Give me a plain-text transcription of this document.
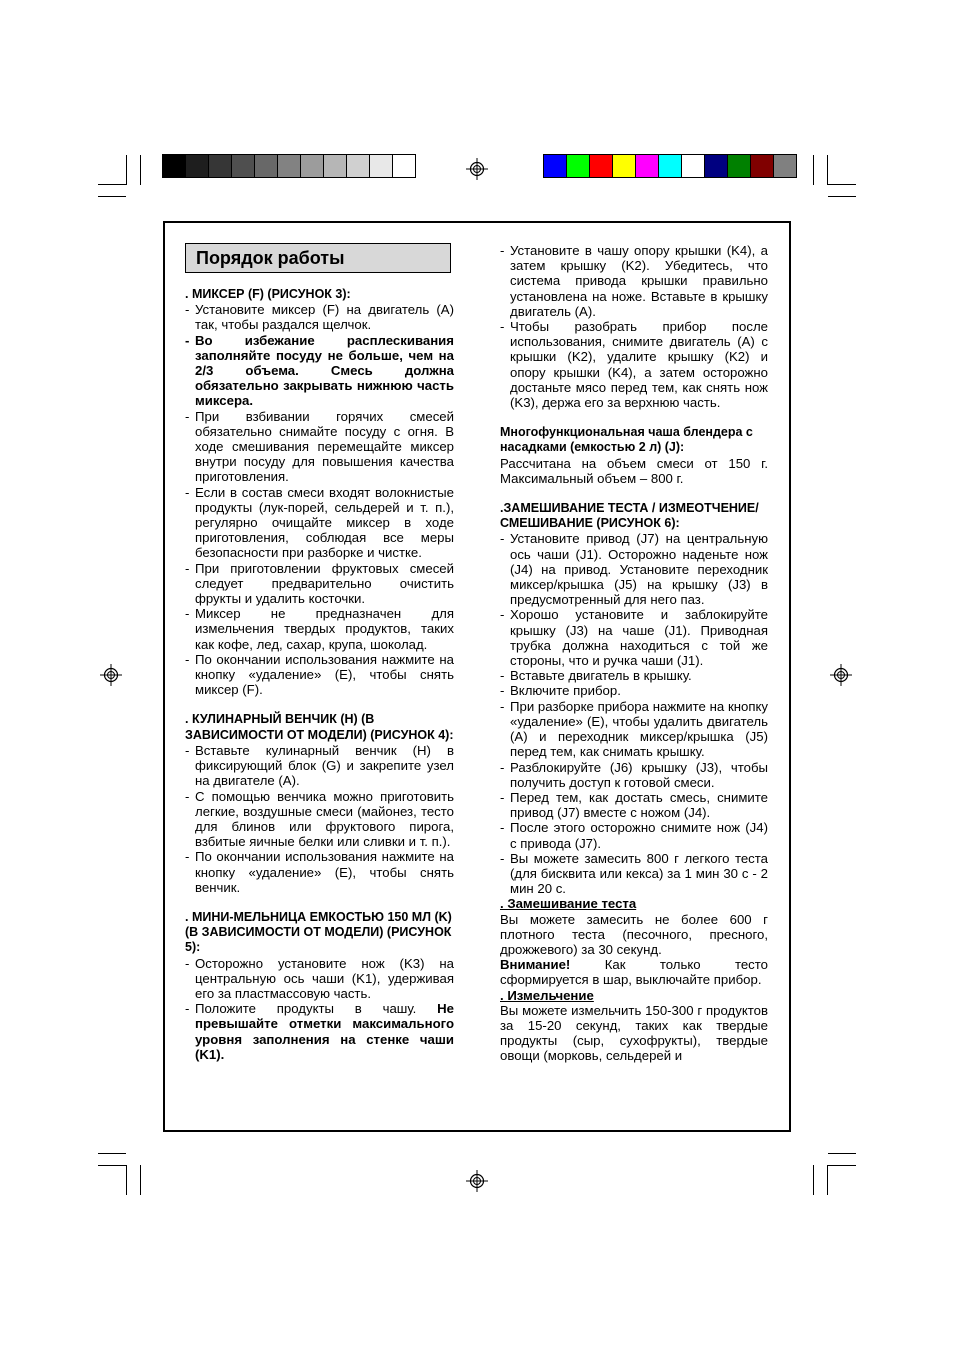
Порядок работы

. МИКСЕР (F) (РИСУНОК 3):

- Установите миксер (F) на двигатель (A) так, чтобы раздался щелчок.
- Во избежание расплескивания заполняйте посуду не больше, чем на 2/3 объема. Смесь должна обязательно закрывать нижнюю часть миксера.
- При взбивании горячих смесей обязательно снимайте посуду с огня. В ходе смешивания перемещайте миксер внутри посуду для повышения качества приготовления.
- Если в состав смеси входят волокнистые продукты (лук-порей, сельдерей и т. п.), регулярно очищайте миксер в ходе приготовления, соблюдая все меры безопасности при разборке и чистке.
- При приготовлении фруктовых смесей следует предварительно очистить фрукты и удалить косточки.
- Миксер не предназначен для измельчения твердых продуктов, таких как кофе, лед, сахар, крупа, шоколад.
- По окончании использования нажмите на кнопку «удаление» (E), чтобы снять миксер (F).

. КУЛИНАРНЫЙ ВЕНЧИК (H) (В ЗАВИСИМОСТИ ОТ МОДЕЛИ) (РИСУНОК 4):

- Вставьте кулинарный венчик (H) в фиксирующий блок (G) и закрепите узел на двигателе (A).
- С помощью венчика можно приготовить легкие, воздушные смеси (майонез, тесто для блинов или фруктового пирога, взбитые яичные белки или сливки и т. п.).
- По окончании использования нажмите на кнопку «удаление» (E), чтобы снять венчик.

. МИНИ-МЕЛЬНИЦА ЕМКОСТЬЮ 150 МЛ (K) (В ЗАВИСИМОСТИ ОТ МОДЕЛИ) (РИСУНОК 5):

- Осторожно установите нож (K3) на центральную ось чаши (K1), удерживая его за пластмассовую часть.
- Положите продукты в чашу. Не превышайте отметки максимального уровня заполнения на стенке чаши (K1).
- Установите в чашу опору крышки (K4), а затем крышку (K2). Убедитесь, что система привода крышки правильно установлена на ноже. Вставьте в крышку двигатель (A).
- Чтобы разобрать прибор после использования, снимите двигатель (A) с крышки (K2), удалите крышку (K2) и опору крышки (K4), а затем осторожно достаньте мясо перед тем, как снять нож (K3), держа его за верхнюю часть.

Многофункциональная чаша блендера с насадками (емкостью 2 л) (J):

Рассчитана на объем смеси от 150 г. Максимальный объем – 800 г.

.ЗАМЕШИВАНИЕ ТЕСТА / ИЗМЕОТЧЕНИЕ/СМЕШИВАНИЕ (РИСУНОК 6):

- Установите привод (J7) на центральную ось чаши (J1). Осторожно наденьте нож (J4) на привод. Установите переходник миксер/крышка (J5) на крышку (J3) в предусмотренный для него паз.
- Хорошо установите и заблокируйте крышку (J3) на чаше (J1). Приводная трубка должна находиться с той же стороны, что и ручка чаши (J1).
- Вставьте двигатель в крышку.
- Включите прибор.
- При разборке прибора нажмите на кнопку «удаление» (E), чтобы удалить двигатель (A) и переходник миксер/крышка (J5) перед тем, как снимать крышку.
- Разблокируйте (J6) крышку (J3), чтобы получить доступ к готовой смеси.
- Перед тем, как достать смесь, снимите привод (J7) вместе с ножом (J4).
- После этого осторожно снимите нож (J4) с привода (J7).
- Вы можете замесить 800 г легкого теста (для бисквита или кекса) за 1 мин 30 с - 2 мин 20 с.

. Замешивание теста

Вы можете замесить не более 600 г плотного теста (песочного, пресного, дрожжевого) за 30 секунд.

Внимание!	Как только тесто сформируется в шар, выключайте прибор.

. Измельчение

Вы можете измельчить 150-300 г продуктов за 15-20 секунд, таких как твердые продукты (сыр, сухофрукты), твердые овощи (морковь, сельдерей и
